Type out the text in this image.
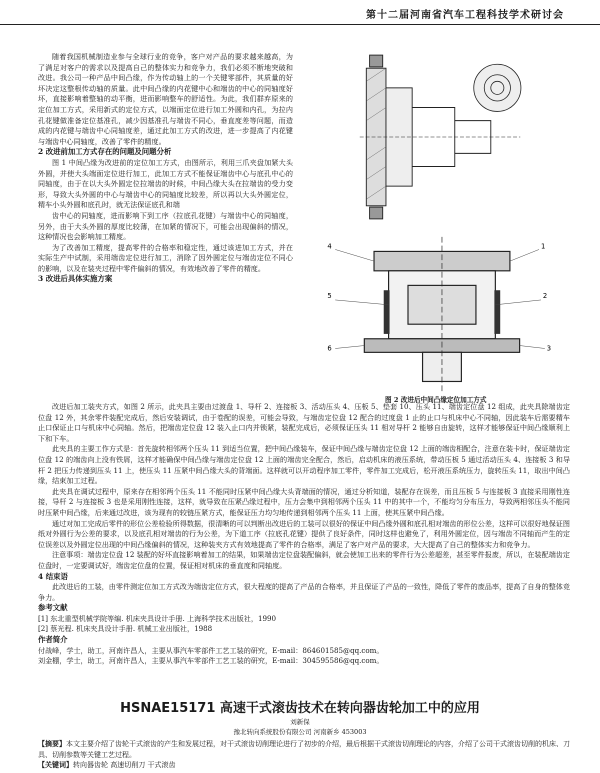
第十二届河南省汽车工程科技学术研讨会

随着我国机械制造业参与全球行业的竞争，客户对产品的要求越来越高，为了满足对客户的需求以及提高自己的整体实力和竞争力，我们必须不断地突破和改进。我公司一种产品中间凸缘，作为传动轴上的一个关键零部件，其质量的好坏决定这整根传动轴的质量。此中间凸缘的内花键中心和端齿的中心的同轴度好坏，直接影响着整轴的动平衡，进而影响整车的舒适性。为此，我们群弃原来的定位加工方式，采用新式的定位方式，以端面定位进行加工外圆和内孔，为拉内孔花键做准备定位基准孔，减少因基准孔与端齿不同心，垂直度差等问题，而造成的内花键与端齿中心同轴度差，通过此加工方式的改进，进一步提高了内花键与端齿中心同轴度，改善了零件的精度。

2 改进前加工方式存在的问题及问题分析

图 1 中间凸缘为改进前的定位加工方式，由图所示，利用三爪夹盘加紧大头外圆，并使大头端面定位进行加工，此加工方式不能保证端齿中心与底孔中心的同轴度，由于在以大头外圆定位拉端齿的时候，中间凸缘大头在拉端齿的受力变形，导致大头外圆的中心与端齿中心的同轴度比较差，所以再以大头外圆定位，精车小头外圆和底孔时，就无法保证底孔和端

齿中心的同轴度，进而影响下到工序（拉底孔花键）与端齿中心的同轴度，另外，由于大头外圆的厚度比较薄，在加紧的情况下，可能会出现偏斜的情况，这种情况也会影响加工精度。

为了改善加工精度，提高零件的合格率和稳定性，通过该进加工方式，并在实际生产中试制，采用端齿定位进行加工，消除了因外圆定位与端齿定位不同心的影响，以及在装夹过程中零件偏斜的情况，有效地改善了零件的精度。

3 改进后具体实施方案
1
2
3
4
5
6
图 2 改进后中间凸缘定位加工方式

改进后加工装夹方式，如图 2 所示，此夹具主要由过渡盘 1、导杆 2、连接板 3、活动压头 4、压板 5、垫套 10、压头 11、端齿定位盘 12 组成，此夹具除端齿定位盘 12 外，其余零件装配完成后，然后安装调试，由于卷配的误差，可能会导致，与端齿定位盘 12 配合的过度盘 1 止的止口与机床中心不同轴，因此装车后需要精车止口保证止口与机床中心同轴。然后，把端齿定位盘 12 装入止口内并锁紧，装配完成后，必须保证压头 11 相对导杆 2 能够自由旋转，这样才能够保证中间凸缘顺利上下和下车。

此夹具的主要工作方式是：首先旋转相邻两个压头 11 到适当位置，把中间凸缘装车，保证中间凸缘与端齿定位盘 12 上面的端齿相配合，注意在装卡时，保证端齿定位盘 12 的端齿向上没有铁屑，这样才能确保中间凸缘与端齿定位盘 12 上面的端齿完全配合，然后，启动机床的液压系统，带动压板 5 通过活动压头 4、连接板 3 和导杆 2 把压力传递到压头 11 上，使压头 11 压紧中间凸缘大头的背端面。这样就可以开动程序加工零件，零件加工完成后，松开液压系统压力，旋转压头 11，取出中间凸缘，结束加工过程。

此夹具在调试过程中，原来存在相邻两个压头 11 不能同时压紧中间凸缘大头背端面的情况，通过分析知道，装配存在误差，而且压板 5 与连接板 3 直接采用刚性连接，导杆 2 与连接板 3 也是采用刚性连接，这样，就导致在压紧凸缘过程中，压力会集中到相邻两个压头 11 中的其中一个，不能均匀分布压力，导致两相邻压头不能同时压紧中间凸缘，后来通过改进，该为现有的较链压紧方式，能保证压力均匀地传递到相邻两个压头 11 上面，使其压紧中间凸缘。

通过对加工完成后零件的形位公差检验所得数据，很清晰的可以判断出改进后的工装可以很好的保证中间凸缘外圆和底孔相对端齿的形位公差，这样可以很好地保证图纸对外圆行为公差的要求，以及底孔相对端齿的行为公差，为下道工序（拉底孔花键）提供了良好条件，同时这样也避免了，利用外圆定位，因与端齿不同轴而产生的定位误差以及外圆定位出现的中间凸缘偏斜的情况，这种装夹方式有效地提高了零件的合格率，满足了客户对产品的要求，大大提高了自己的整体实力和竞争力。

注意事项：端齿定位盘 12 装配的好坏直接影响着加工的结果，如果端齿定位盘装配偏斜，就会使加工出来的零件行为公差超差，甚至零件报废，所以，在装配端齿定位盘时，一定要调试好，端齿定位盘的位置，保证相对机床的垂直度和同轴度。

4 结束语

此改进后的工装，由零件测定位加工方式改为端齿定位方式，很大程度的提高了产品的合格率，并且保证了产品的一致性，降低了零件的废品率，提高了自身的整体竞争力。

参考文献

[1] 东北重型机械学院等编. 机床夹具设计手册. 上海科学技术出版社，1990

[2] 蔡光程. 机床夹具设计手册. 机械工业出版社，1988

作者简介

付战峰，学士，助工，河南许昌人，主要从事汽车零部件工艺工装的研究，E-mail：864601585@qq.com。

刘金棚，学士，助工，河南许昌人，主要从事汽车零部件工艺工装的研究，E-mail：304595586@qq.com。

HSNAE15171 高速干式滚齿技术在转向器齿轮加工中的应用
刘新保
豫北转向系统股份有限公司 河南新乡 453003
【摘要】本文主要介绍了齿轮干式滚齿的产生和发展过程，对干式滚齿切削理论进行了初步的介绍，最后根据干式滚齿切削理论的内容，介绍了公司干式滚齿切削的机床、刀具、切削参数等关键工艺过程。
【关键词】转向器齿轮 高速切削刀 干式滚齿
